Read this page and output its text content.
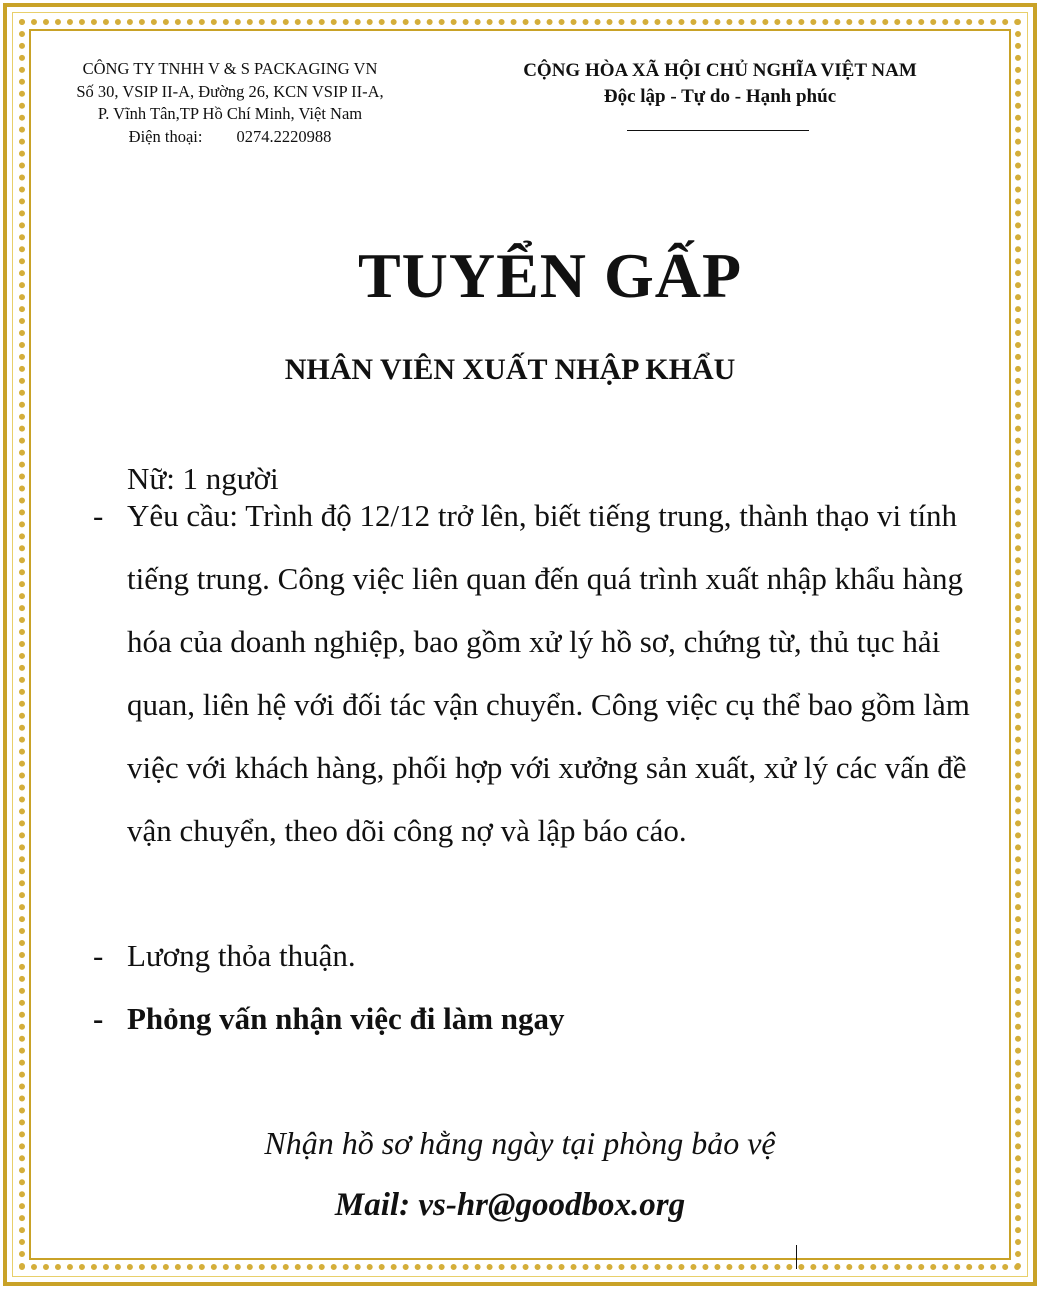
CÔNG TY TNHH V & S PACKAGING VN
Số 30, VSIP II-A, Đường 26, KCN VSIP II-A,
P. Vĩnh Tân,TP Hồ Chí Minh, Việt Nam
Điện thoại: 0274.2220988
CỘNG HÒA XÃ HỘI CHỦ NGHĨA VIỆT NAM
Độc lập - Tự do - Hạnh phúc
TUYỂN GẤP
NHÂN VIÊN XUẤT NHẬP KHẨU
Nữ: 1 người
- Yêu cầu: Trình độ 12/12 trở lên, biết tiếng trung, thành thạo vi tính tiếng trung. Công việc liên quan đến quá trình xuất nhập khẩu hàng hóa của doanh nghiệp, bao gồm xử lý hồ sơ, chứng từ, thủ tục hải quan, liên hệ với đối tác vận chuyển. Công việc cụ thể bao gồm làm việc với khách hàng, phối hợp với xưởng sản xuất, xử lý các vấn đề vận chuyển, theo dõi công nợ và lập báo cáo.
- Lương thỏa thuận.
- Phỏng vấn nhận việc đi làm ngay
Nhận hồ sơ hằng ngày tại phòng bảo vệ
Mail: vs-hr@goodbox.org
